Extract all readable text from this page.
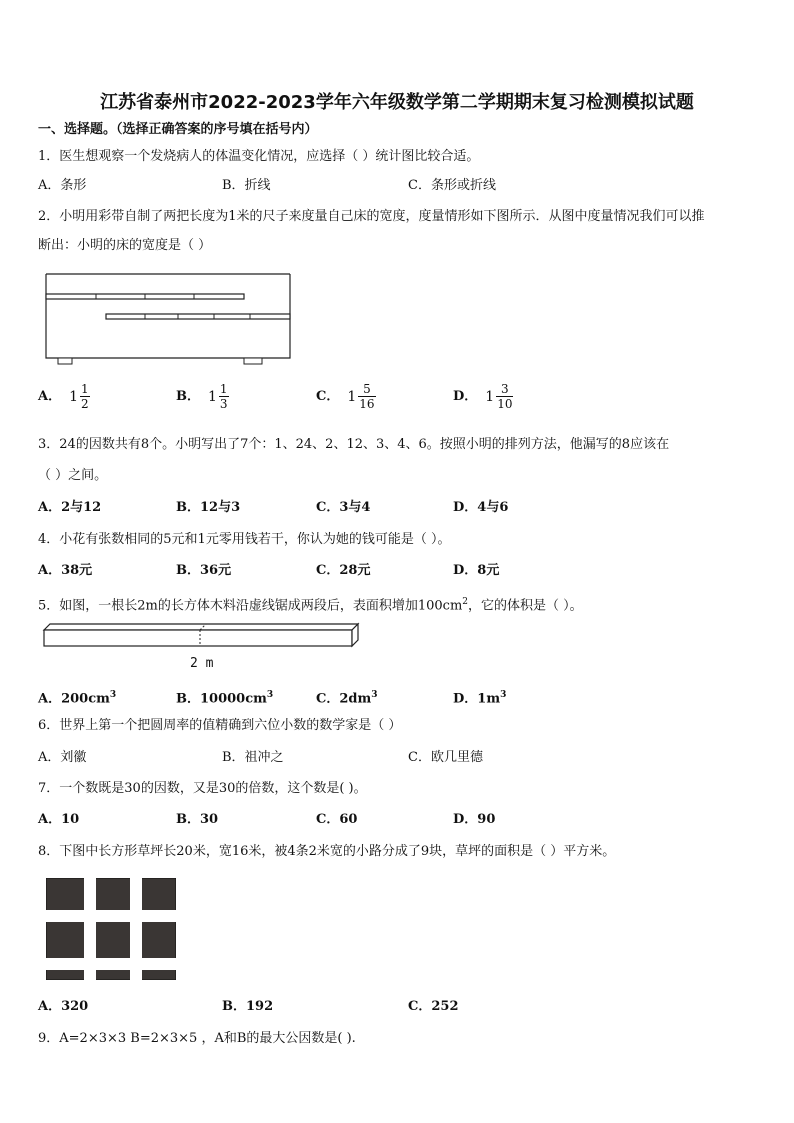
江苏省泰州市2022-2023学年六年级数学第二学期期末复习检测模拟试题
一、选择题。（选择正确答案的序号填在括号内）
1．医生想观察一个发烧病人的体温变化情况，应选择（ ）统计图比较合适。
A．条形	B．折线	C．条形或折线
2．小明用彩带自制了两把长度为1米的尺子来度量自己床的宽度，度量情形如下图所示．从图中度量情况我们可以推
断出：小明的床的宽度是（ ）
A． $1 \frac{1}{2}$	B． $1 \frac{1}{3}$	C． $1 \frac{5}{16}$	D． $1 \frac{3}{10}$
3．24的因数共有8个。小明写出了7个：1、24、2、12、3、4、6。按照小明的排列方法，他漏写的8应该在
（ ）之间。
A．2与12	B．12与3	C．3与4	D．4与6
4．小花有张数相同的5元和1元零用钱若干，你认为她的钱可能是（ ）。
A．38元	B．36元	C．28元	D．8元
5．如图，一根长2m的长方体木料沿虚线锯成两段后，表面积增加$100cm^2$，它的体积是（ ）。
2 m
A．$200cm^3$	B．$10000cm^3$	C．$2dm^3$	D．$1m^3$
6．世界上第一个把圆周率的值精确到六位小数的数学家是（ ）
A．刘徽	B．祖冲之	C．欧几里德
7．一个数既是30的因数，又是30的倍数，这个数是( )。
A．10	B．30	C．60	D．90
8．下图中长方形草坪长20米，宽16米，被4条2米宽的小路分成了9块，草坪的面积是（ ）平方米。
A．320	B．192	C．252
9．A=2×3×3 B=2×3×5 ，A和B的最大公因数是( ).
